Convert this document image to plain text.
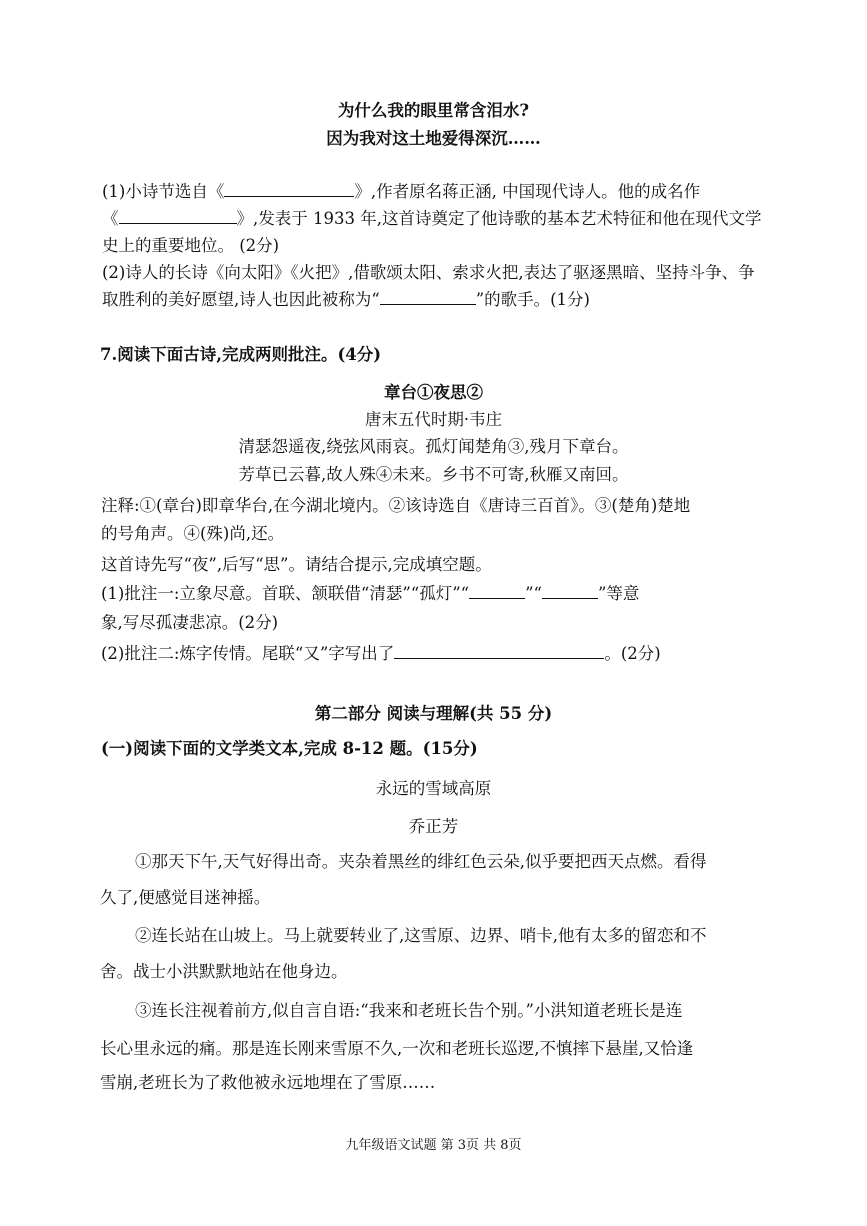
为什么我的眼里常含泪水?
因为我对这土地爱得深沉……
(1)小诗节选自《	》,作者原名蒋正涵, 中国现代诗人。他的成名作
《	》,发表于 1933 年,这首诗奠定了他诗歌的基本艺术特征和他在现代文学
史上的重要地位。 (2分)
(2)诗人的长诗《向太阳》《火把》,借歌颂太阳、索求火把,表达了驱逐黑暗、坚持斗争、争
取胜利的美好愿望,诗人也因此被称为“	”的歌手。(1分)
7.阅读下面古诗,完成两则批注。(4分)
章台①夜思②
唐末五代时期·韦庄
清瑟怨遥夜,绕弦风雨哀。孤灯闻楚角③,残月下章台。
芳草已云暮,故人殊④未来。乡书不可寄,秋雁又南回。
注释:①(章台)即章华台,在今湖北境内。②该诗选自《唐诗三百首》。③(楚角)楚地
的号角声。④(殊)尚,还。
这首诗先写“夜”,后写“思”。请结合提示,完成填空题。
(1)批注一:立象尽意。首联、颔联借“清瑟”“孤灯”“	”“	”等意
象,写尽孤凄悲凉。(2分)
(2)批注二:炼字传情。尾联“又”字写出了	。(2分)
第二部分 阅读与理解(共 55 分)
(一)阅读下面的文学类文本,完成 8-12 题。(15分)
永远的雪域高原
乔正芳
①那天下午,天气好得出奇。夹杂着黑丝的绯红色云朵,似乎要把西天点燃。看得
久了,便感觉目迷神摇。
②连长站在山坡上。马上就要转业了,这雪原、边界、哨卡,他有太多的留恋和不
舍。战士小洪默默地站在他身边。
③连长注视着前方,似自言自语:“我来和老班长告个别。”小洪知道老班长是连
长心里永远的痛。那是连长刚来雪原不久,一次和老班长巡逻,不慎摔下悬崖,又恰逢
雪崩,老班长为了救他被永远地埋在了雪原……
九年级语文试题 第 3页 共 8页
